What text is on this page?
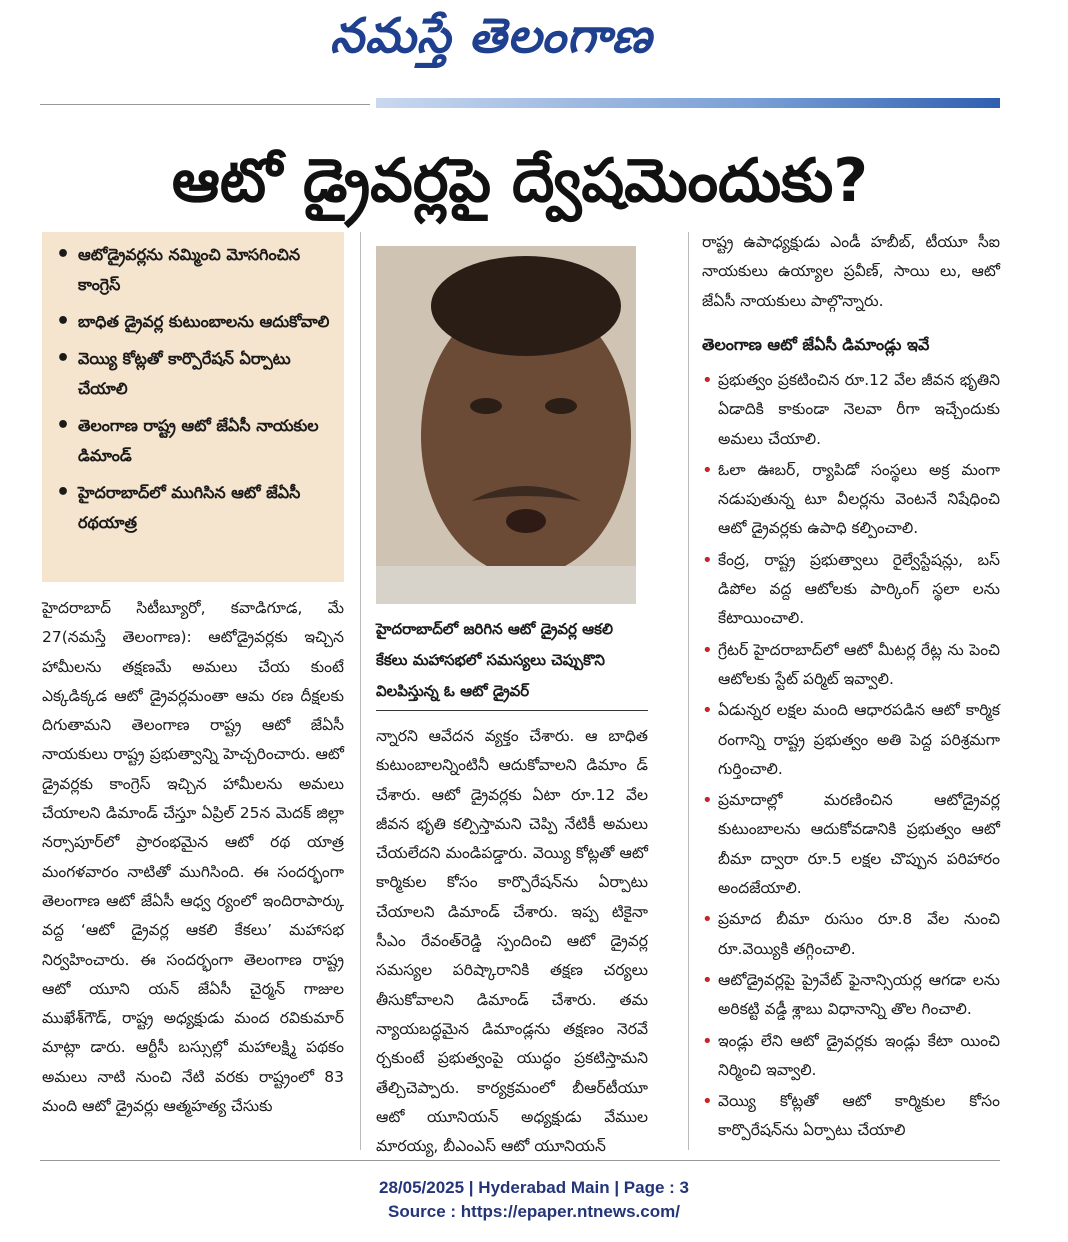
నమస్తే తెలంగాణ
ఆటో డ్రైవర్లపై ద్వేషమెందుకు?
• ఆటోడ్రైవర్లను నమ్మించి మోసగించిన కాంగ్రెస్
• బాధిత డ్రైవర్ల కుటుంబాలను ఆదుకోవాలి
• వెయ్యి కోట్లతో కార్పొరేషన్ ఏర్పాటు చేయాలి
• తెలంగాణ రాష్ట్ర ఆటో జేఏసీ నాయకుల డిమాండ్
• హైదరాబాద్‌లో ముగిసిన ఆటో జేఏసీ రథయాత్ర
హైదరాబాద్‌లో జరిగిన ఆటో డ్రైవర్ల ఆకలి కేకలు మహాసభలో సమస్యలు చెప్పుకొని విలపిస్తున్న ఓ ఆటో డ్రైవర్
హైదరాబాద్ సిటీబ్యూరో, కవాడిగూడ, మే 27(నమస్తే తెలంగాణ): ఆటోడ్రైవర్లకు ఇచ్చిన హామీలను తక్షణమే అమలు చేయ కుంటే ఎక్కడిక్కడ ఆటో డ్రైవర్లమంతా ఆమ రణ దీక్షలకు దిగుతామని తెలంగాణ రాష్ట్ర ఆటో జేఏసీ నాయకులు రాష్ట్ర ప్రభుత్వాన్ని హెచ్చరించారు. ఆటో డ్రైవర్లకు కాంగ్రెస్ ఇచ్చిన హామీలను అమలు చేయాలని డిమాండ్ చేస్తూ ఏప్రిల్ 25న మెదక్ జిల్లా నర్సాపూర్‌లో ప్రారంభమైన ఆటో రథ యాత్ర మంగళవారం నాటితో ముగిసింది. ఈ సందర్భంగా తెలంగాణ ఆటో జేఏసీ ఆధ్వ ర్యంలో ఇందిరాపార్కు వద్ద ‘ఆటో డ్రైవర్ల ఆకలి కేకలు’ మహాసభ నిర్వహించారు. ఈ సందర్భంగా తెలంగాణ రాష్ట్ర ఆటో యూని యన్ జేఏసీ చైర్మన్ గాజుల ముఖేశ్‌గౌడ్, రాష్ట్ర అధ్యక్షుడు మంద రవికుమార్ మాట్లా డారు. ఆర్టీసీ బస్సుల్లో మహాలక్ష్మి పథకం అమలు నాటి నుంచి నేటి వరకు రాష్ట్రంలో 83 మంది ఆటో డ్రైవర్లు ఆత్మహత్య చేసుకు
న్నారని ఆవేదన వ్యక్తం చేశారు. ఆ బాధిత కుటుంబాలన్నింటినీ ఆదుకోవాలని డిమాం డ్ చేశారు. ఆటో డ్రైవర్లకు ఏటా రూ.12 వేల జీవన భృతి కల్పిస్తామని చెప్పి నేటికీ అమలు చేయలేదని మండిపడ్డారు. వెయ్యి కోట్లతో ఆటో కార్మికుల కోసం కార్పొరేషన్‌ను ఏర్పాటు చేయాలని డిమాండ్ చేశారు. ఇప్ప టికైనా సీఎం రేవంత్‌రెడ్డి స్పందించి ఆటో డ్రైవర్ల సమస్యల పరిష్కారానికి తక్షణ చర్యలు తీసుకోవాలని డిమాండ్ చేశారు. తమ న్యాయబద్ధమైన డిమాండ్లను తక్షణం నెరవే ర్చకుంటే ప్రభుత్వంపై యుద్ధం ప్రకటిస్తామని తేల్చిచెప్పారు. కార్యక్రమంలో బీఆర్‌టీయూ ఆటో యూనియన్ అధ్యక్షుడు వేముల మారయ్య, బీఎంఎస్ ఆటో యూనియన్
రాష్ట్ర ఉపాధ్యక్షుడు ఎండీ హబీబ్, టీయూ సీఐ నాయకులు ఉయ్యాల ప్రవీణ్, సాయి లు, ఆటో జేఏసీ నాయకులు పాల్గొన్నారు.
తెలంగాణ ఆటో జేఏసీ డిమాండ్లు ఇవే
• ప్రభుత్వం ప్రకటించిన రూ.12 వేల జీవన భృతిని ఏడాదికి కాకుండా నెలవా రీగా ఇచ్చేందుకు అమలు చేయాలి.
• ఓలా ఊబర్, ర్యాపిడో సంస్థలు అక్ర మంగా నడుపుతున్న టూ వీలర్లను వెంటనే నిషేధించి ఆటో డ్రైవర్లకు ఉపాధి కల్పించాలి.
• కేంద్ర, రాష్ట్ర ప్రభుత్వాలు రైల్వేస్టేషన్లు, బస్ డిపోల వద్ద ఆటోలకు పార్కింగ్ స్థలా లను కేటాయించాలి.
• గ్రేటర్ హైదరాబాద్‌లో ఆటో మీటర్ల రేట్ల ను పెంచి ఆటోలకు స్టేట్ పర్మిట్ ఇవ్వాలి.
• ఏడున్నర లక్షల మంది ఆధారపడిన ఆటో కార్మిక రంగాన్ని రాష్ట్ర ప్రభుత్వం అతి పెద్ద పరిశ్రమగా గుర్తించాలి.
• ప్రమాదాల్లో మరణించిన ఆటోడ్రైవర్ల కుటుంబాలను ఆదుకోవడానికి ప్రభుత్వం ఆటో బీమా ద్వారా రూ.5 లక్షల చొప్పున పరిహారం అందజేయాలి.
• ప్రమాద బీమా రుసుం రూ.8 వేల నుంచి రూ.వెయ్యికి తగ్గించాలి.
• ఆటోడ్రైవర్లపై ప్రైవేట్ ఫైనాన్సియర్ల ఆగడా లను అరికట్టి వడ్డీ శ్లాబు విధానాన్ని తొల గించాలి.
• ఇండ్లు లేని ఆటో డ్రైవర్లకు ఇండ్లు కేటా యించి నిర్మించి ఇవ్వాలి.
• వెయ్యి కోట్లతో ఆటో కార్మికుల కోసం కార్పొరేషన్‌ను ఏర్పాటు చేయాలి
28/05/2025 | Hyderabad Main | Page : 3
Source : https://epaper.ntnews.com/
